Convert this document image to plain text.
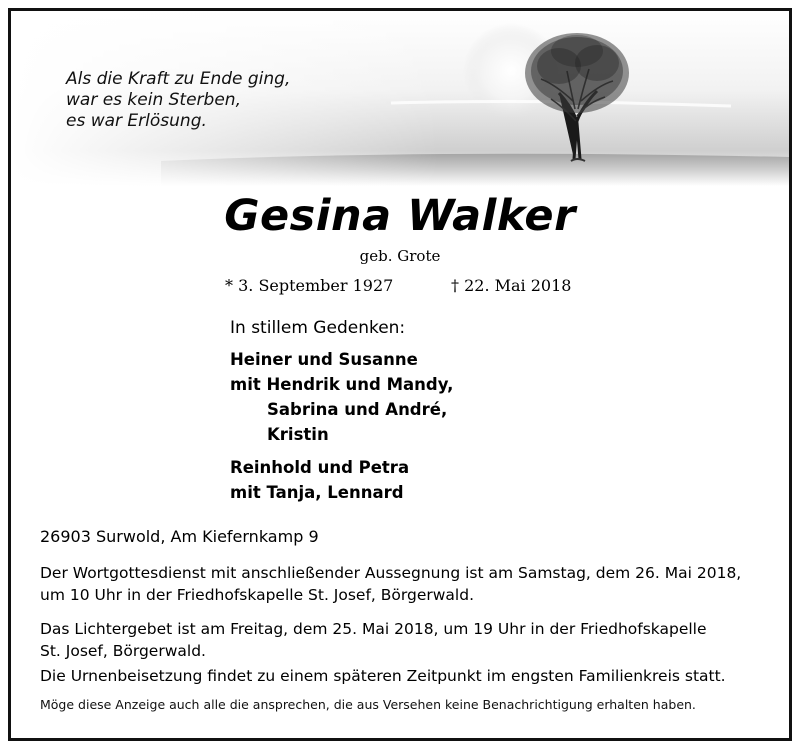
Als die Kraft zu Ende ging,
war es kein Sterben,
es war Erlösung.
Gesina Walker
geb. Grote
* 3. September 1927	† 22. Mai 2018
In stillem Gedenken:
Heiner und Susanne
mit Hendrik und Mandy,
Sabrina und André,
Kristin
Reinhold und Petra
mit Tanja, Lennard
26903 Surwold, Am Kiefernkamp 9
Der Wortgottesdienst mit anschließender Aussegnung ist am Samstag, dem 26. Mai 2018,
um 10 Uhr in der Friedhofskapelle St. Josef, Börgerwald.
Das Lichtergebet ist am Freitag, dem 25. Mai 2018, um 19 Uhr in der Friedhofskapelle
St. Josef, Börgerwald.
Die Urnenbeisetzung findet zu einem späteren Zeitpunkt im engsten Familienkreis statt.
Möge diese Anzeige auch alle die ansprechen, die aus Versehen keine Benachrichtigung erhalten haben.
